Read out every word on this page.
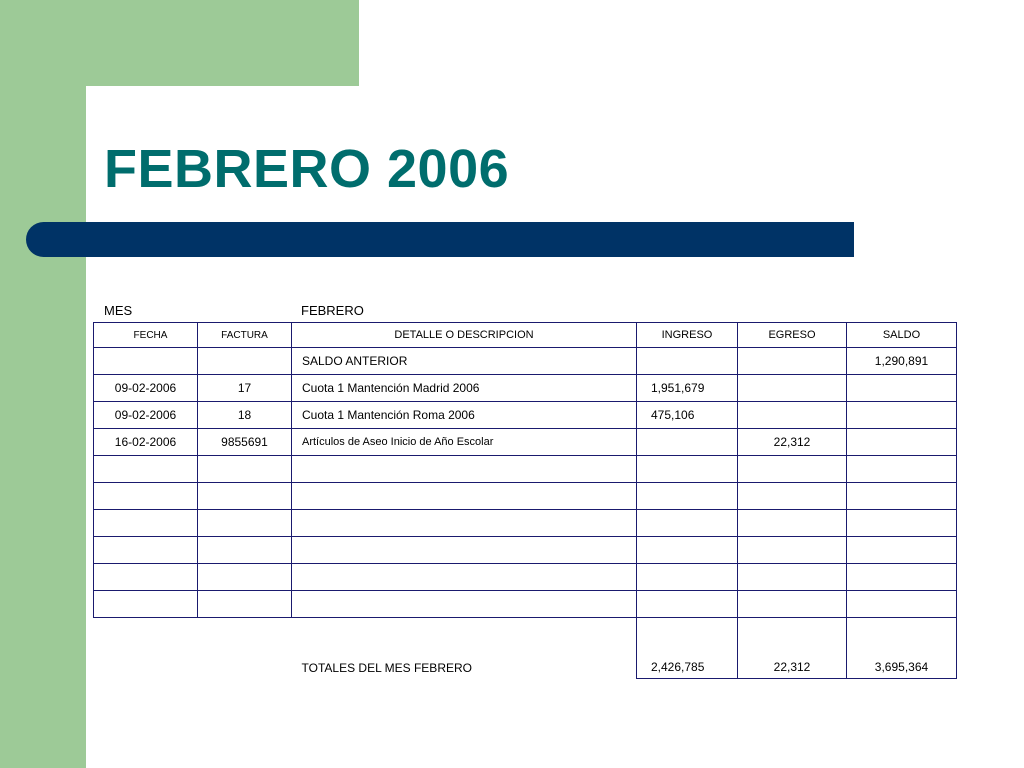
FEBRERO 2006
MES	FEBRERO
FECHA	FACTURA	DETALLE O DESCRIPCION	INGRESO	EGRESO	SALDO
		SALDO ANTERIOR			1,290,891
09-02-2006	17	Cuota 1 Mantención Madrid 2006	1,951,679		
09-02-2006	18	Cuota 1 Mantención Roma 2006	475,106		
16-02-2006	9855691	Artículos de Aseo Inicio de Año Escolar		22,312	

		TOTALES DEL MES FEBRERO	2,426,785	22,312	3,695,364
